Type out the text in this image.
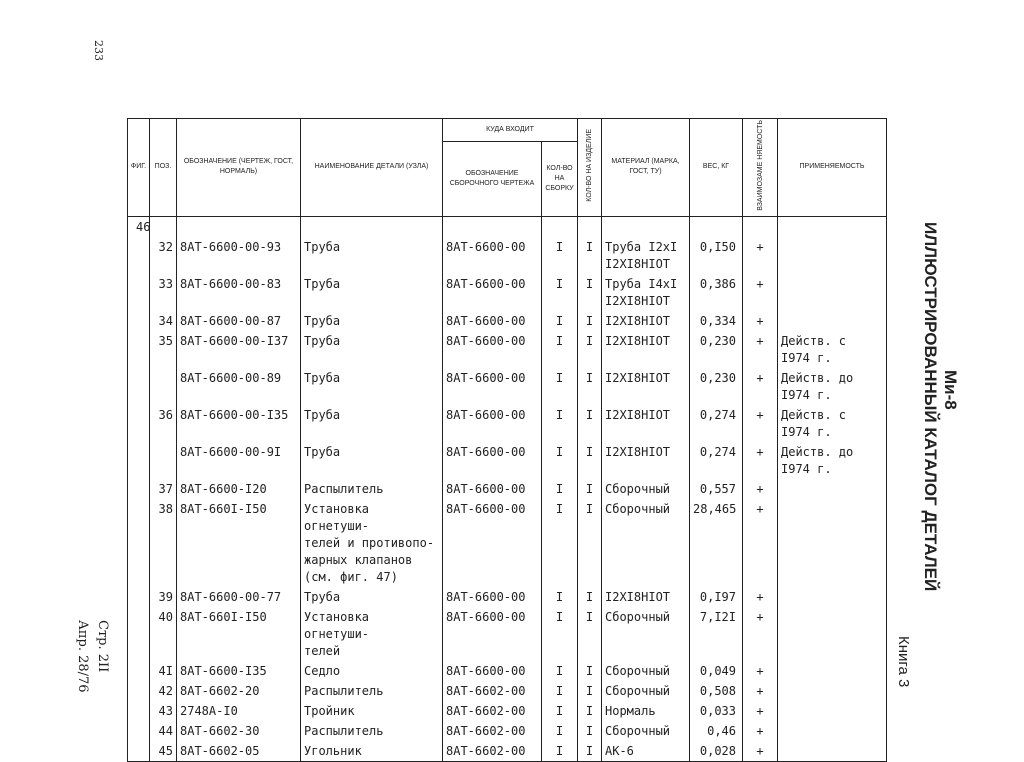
233
Стр. 2II
Апр. 28/76
Ми-8
ИЛЛЮСТРИРОВАННЫЙ КАТАЛОГ ДЕТАЛЕЙ
Книга 3
ФИГ.	ПОЗ.	ОБОЗНАЧЕНИЕ (ЧЕРТЕЖ, ГОСТ, НОРМАЛЬ)	НАИМЕНОВАНИЕ ДЕТАЛИ (УЗЛА)	КУДА ВХОДИТ		КОЛ-ВО НА ИЗДЕЛИЕ	МАТЕРИАЛ (МАРКА, ГОСТ, ТУ)	ВЕС, КГ	ВЗАИМОЗАМЕ НЯЕМОСТЬ	ПРИМЕНЯЕМОСТЬ
				ОБОЗНАЧЕНИЕ СБОРОЧНОГО ЧЕРТЕЖА	КОЛ-ВО НА СБОРКУ					
46										
	32	8АТ-6600-00-93	Труба	8АТ-6600-00	I	I	Труба I2xI
I2XI8HIOT	0,I50	+	
	33	8АТ-6600-00-83	Труба	8АТ-6600-00	I	I	Труба I4xI
I2XI8HIOT	0,386	+	
	34	8АТ-6600-00-87	Труба	8АТ-6600-00	I	I	I2XI8HIOT	0,334	+	
	35	8АТ-6600-00-I37	Труба	8АТ-6600-00	I	I	I2XI8HIOT	0,230	+	Действ. с
I974 г.
		8АТ-6600-00-89	Труба	8АТ-6600-00	I	I	I2XI8HIOT	0,230	+	Действ. до
I974 г.
	36	8АТ-6600-00-I35	Труба	8АТ-6600-00	I	I	I2XI8HIOT	0,274	+	Действ. с
I974 г.
		8АТ-6600-00-9I	Труба	8АТ-6600-00	I	I	I2XI8HIOT	0,274	+	Действ. до
I974 г.
	37	8АТ-6600-I20	Распылитель	8АТ-6600-00	I	I	Сборочный	0,557	+	
	38	8АТ-660I-I50	Установка огнетуши-
телей и противопо-
жарных клапанов
(см. фиг. 47)	8АТ-6600-00	I	I	Сборочный	28,465	+	
	39	8АТ-6600-00-77	Труба	8АТ-6600-00	I	I	I2XI8HIOT	0,I97	+	
	40	8АТ-660I-I50	Установка огнетуши-
телей	8АТ-6600-00	I	I	Сборочный	7,I2I	+	
	4I	8АТ-6600-I35	Седло	8АТ-6600-00	I	I	Сборочный	0,049	+	
	42	8АТ-6602-20	Распылитель	8АТ-6602-00	I	I	Сборочный	0,508	+	
	43	2748А-I0	Тройник	8АТ-6602-00	I	I	Нормаль	0,033	+	
	44	8АТ-6602-30	Распылитель	8АТ-6602-00	I	I	Сборочный	0,46	+	
	45	8АТ-6602-05	Угольник	8АТ-6602-00	I	I	АК-6	0,028	+	
